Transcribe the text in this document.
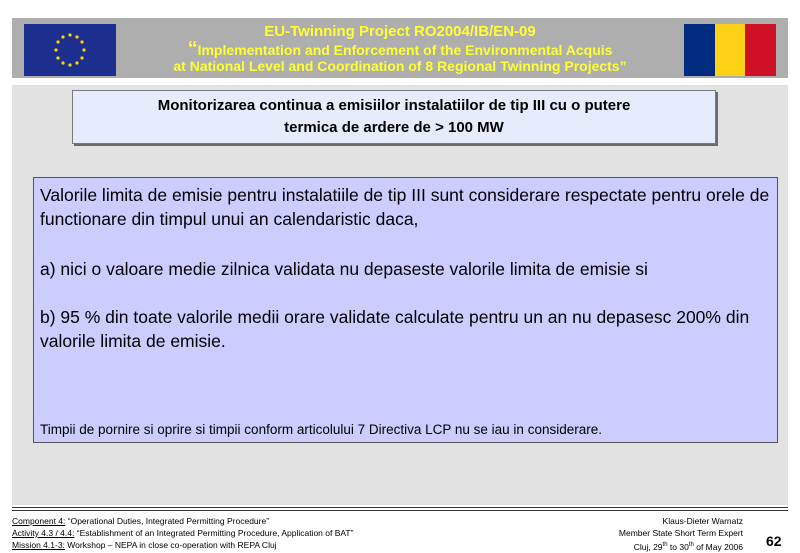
EU-Twinning Project RO2004/IB/EN-09
“Implementation and Enforcement of the Environmental Acquis
at National Level and Coordination of 8 Regional Twinning Projects”
Monitorizarea continua a emisiilor instalatiilor de tip III cu o putere
termica de ardere de > 100 MW

Valorile limita de emisie pentru instalatiile de tip III sunt considerare respectate pentru orele de functionare din timpul unui an calendaristic daca,

a) nici o valoare medie zilnica validata nu depaseste valorile limita de emisie si

b) 95 % din toate valorile medii orare validate calculate pentru un an nu depasesc 200% din valorile limita de emisie.

Timpii de pornire si oprire si timpii conform articolului 7 Directiva LCP nu se iau in considerare.
Component 4: “Operational Duties, Integrated Permitting Procedure”
Activity 4.3 / 4.4: “Establishment of an Integrated Permitting Procedure, Application of BAT”
Mission 4.1-3: Workshop – NEPA in close co-operation with REPA Cluj
Klaus-Dieter Warnatz
Member State Short Term Expert
Cluj, 29th to 30th of May 2006 62
